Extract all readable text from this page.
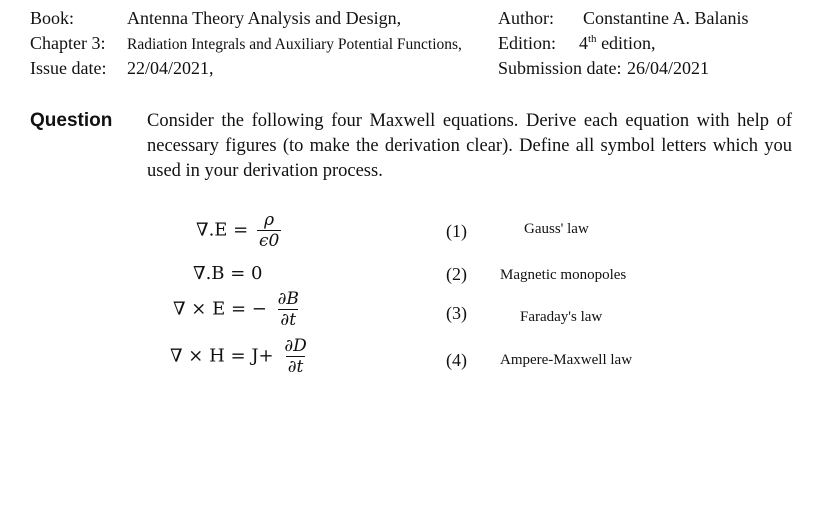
Book:	Antenna Theory Analysis and Design,	Author: Constantine A. Balanis
Chapter 3: Radiation Integrals and Auxiliary Potential Functions, Edition: 4th edition,
Issue date: 22/04/2021,	Submission date: 26/04/2021
Question Consider the following four Maxwell equations. Derive each equation with help of necessary figures (to make the derivation clear). Define all symbol letters which you used in your derivation process.
$\nabla.E = \frac{\rho}{\epsilon 0}$	(1)	Gauss' law
∇.B = 0	(2) Magnetic monopoles
∇ × E = − $\frac{\partial B}{\partial t}$	(3)	Faraday's law
∇ × $H = J+ \frac{\partial D}{\partial t}$	(4) Ampere-Maxwell law
